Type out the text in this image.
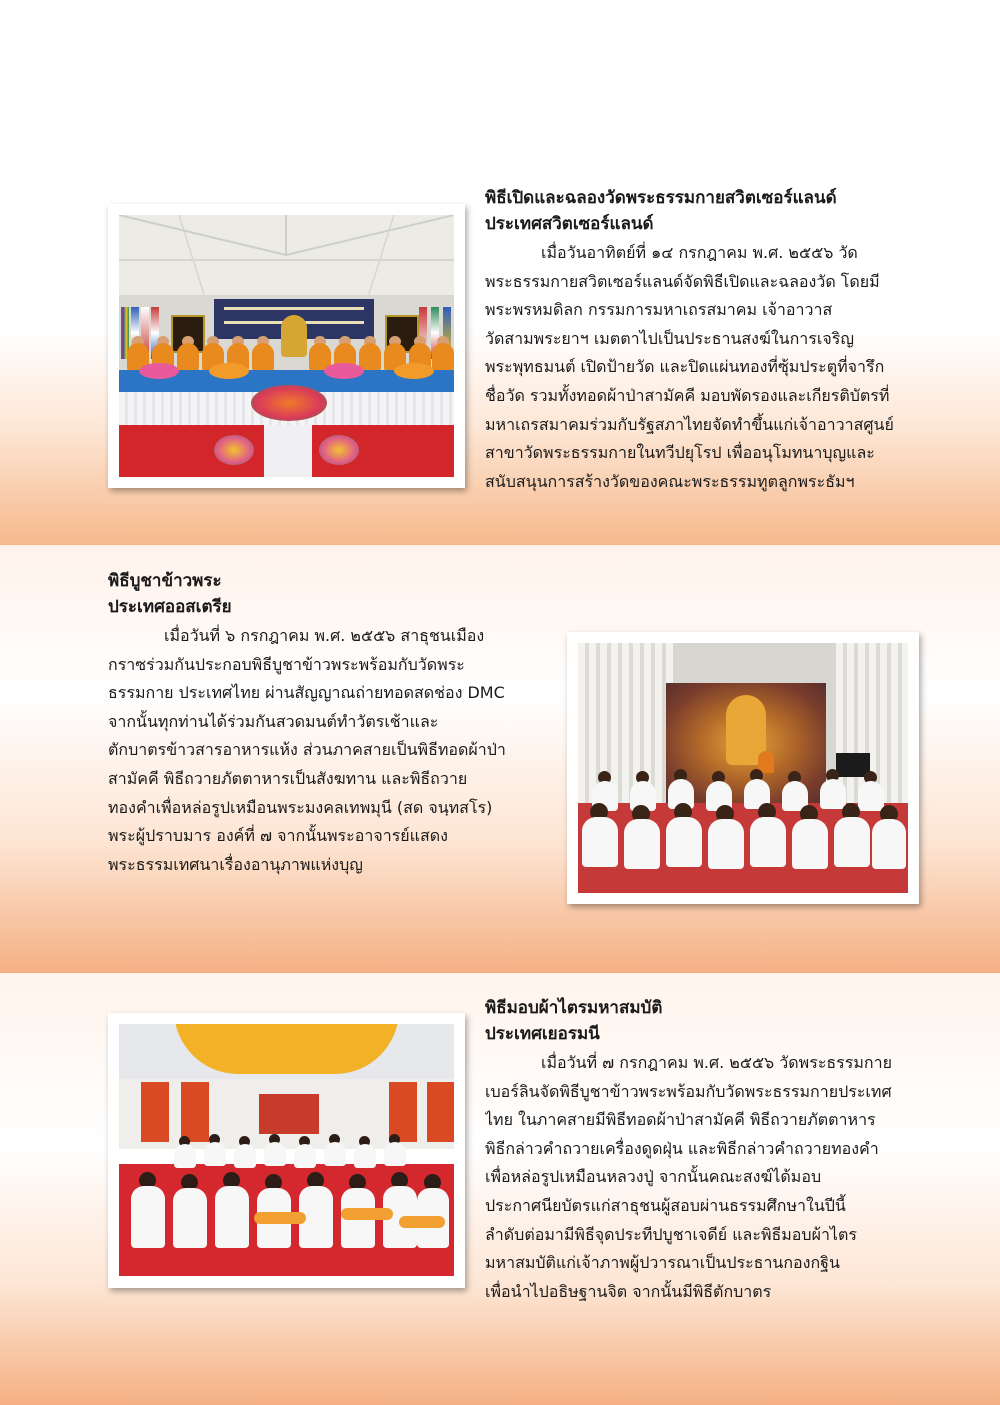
พิธีเปิดและฉลองวัดพระธรรมกายสวิตเซอร์แลนด์

ประเทศสวิตเซอร์แลนด์

เมื่อวันอาทิตย์ที่ ๑๔ กรกฎาคม พ.ศ. ๒๕๕๖ วัด
พระธรรมกายสวิตเซอร์แลนด์จัดพิธีเปิดและฉลองวัด โดยมี
พระพรหมดิลก กรรมการมหาเถรสมาคม เจ้าอาวาส
วัดสามพระยาฯ เมตตาไปเป็นประธานสงฆ์ในการเจริญ
พระพุทธมนต์ เปิดป้ายวัด และปิดแผ่นทองที่ซุ้มประตูที่จารึก
ชื่อวัด รวมทั้งทอดผ้าป่าสามัคคี มอบพัดรองและเกียรติบัตรที่
มหาเถรสมาคมร่วมกับรัฐสภาไทยจัดทำขึ้นแก่เจ้าอาวาสศูนย์
สาขาวัดพระธรรมกายในทวีปยุโรป เพื่ออนุโมทนาบุญและ
สนับสนุนการสร้างวัดของคณะพระธรรมทูตลูกพระธัมฯ

พิธีบูชาข้าวพระ

ประเทศออสเตรีย

เมื่อวันที่ ๖ กรกฎาคม พ.ศ. ๒๕๕๖ สาธุชนเมือง
กราซร่วมกันประกอบพิธีบูชาข้าวพระพร้อมกับวัดพระ
ธรรมกาย ประเทศไทย ผ่านสัญญาณถ่ายทอดสดช่อง DMC
จากนั้นทุกท่านได้ร่วมกันสวดมนต์ทำวัตรเช้าและ
ตักบาตรข้าวสารอาหารแห้ง ส่วนภาคสายเป็นพิธีทอดผ้าป่า
สามัคคี พิธีถวายภัตตาหารเป็นสังฆทาน และพิธีถวาย
ทองคำเพื่อหล่อรูปเหมือนพระมงคลเทพมุนี (สด จนฺทสโร)
พระผู้ปราบมาร องค์ที่ ๗ จากนั้นพระอาจารย์แสดง
พระธรรมเทศนาเรื่องอานุภาพแห่งบุญ

พิธีมอบผ้าไตรมหาสมบัติ

ประเทศเยอรมนี

เมื่อวันที่ ๗ กรกฎาคม พ.ศ. ๒๕๕๖ วัดพระธรรมกาย
เบอร์ลินจัดพิธีบูชาข้าวพระพร้อมกับวัดพระธรรมกายประเทศ
ไทย ในภาคสายมีพิธีทอดผ้าป่าสามัคคี พิธีถวายภัตตาหาร
พิธีกล่าวคำถวายเครื่องดูดฝุ่น และพิธีกล่าวคำถวายทองคำ
เพื่อหล่อรูปเหมือนหลวงปู่ จากนั้นคณะสงฆ์ได้มอบ
ประกาศนียบัตรแก่สาธุชนผู้สอบผ่านธรรมศึกษาในปีนี้
ลำดับต่อมามีพิธีจุดประทีปบูชาเจดีย์ และพิธีมอบผ้าไตร
มหาสมบัติแก่เจ้าภาพผู้ปวารณาเป็นประธานกองกฐิน
เพื่อนำไปอธิษฐานจิต จากนั้นมีพิธีตักบาตร
